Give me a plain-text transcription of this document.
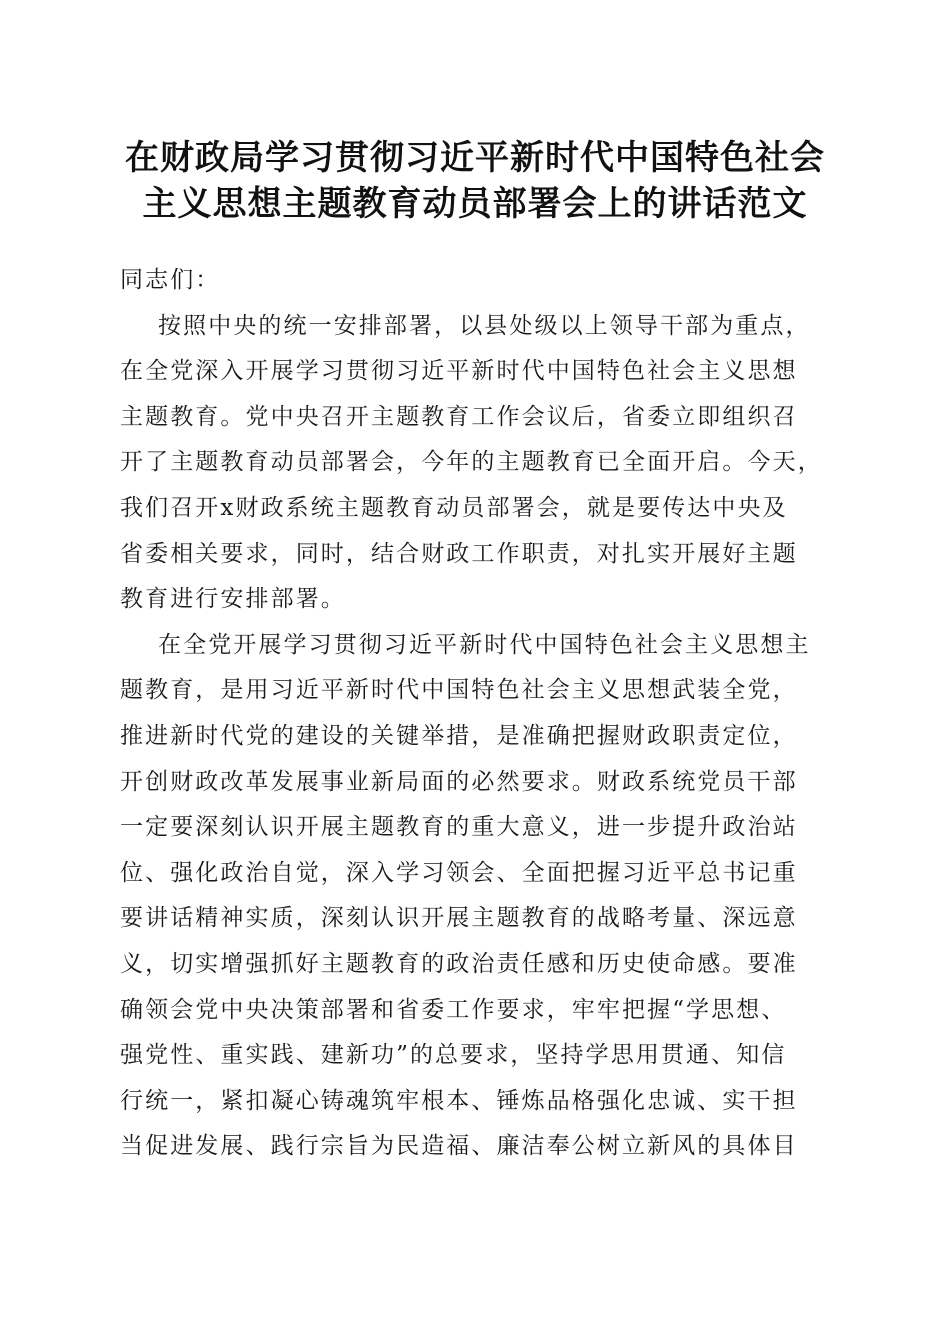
在财政局学习贯彻习近平新时代中国特色社会
主义思想主题教育动员部署会上的讲话范文
同志们：
按照中央的统一安排部署，以县处级以上领导干部为重点，
在全党深入开展学习贯彻习近平新时代中国特色社会主义思想
主题教育。党中央召开主题教育工作会议后，省委立即组织召
开了主题教育动员部署会，今年的主题教育已全面开启。今天，
我们召开x财政系统主题教育动员部署会，就是要传达中央及
省委相关要求，同时，结合财政工作职责，对扎实开展好主题
教育进行安排部署。
在全党开展学习贯彻习近平新时代中国特色社会主义思想主
题教育，是用习近平新时代中国特色社会主义思想武装全党，
推进新时代党的建设的关键举措，是准确把握财政职责定位，
开创财政改革发展事业新局面的必然要求。财政系统党员干部
一定要深刻认识开展主题教育的重大意义，进一步提升政治站
位、强化政治自觉，深入学习领会、全面把握习近平总书记重
要讲话精神实质，深刻认识开展主题教育的战略考量、深远意
义，切实增强抓好主题教育的政治责任感和历史使命感。要准
确领会党中央决策部署和省委工作要求，牢牢把握“学思想、
强党性、重实践、建新功”的总要求，坚持学思用贯通、知信
行统一，紧扣凝心铸魂筑牢根本、锤炼品格强化忠诚、实干担
当促进发展、践行宗旨为民造福、廉洁奉公树立新风的具体目
